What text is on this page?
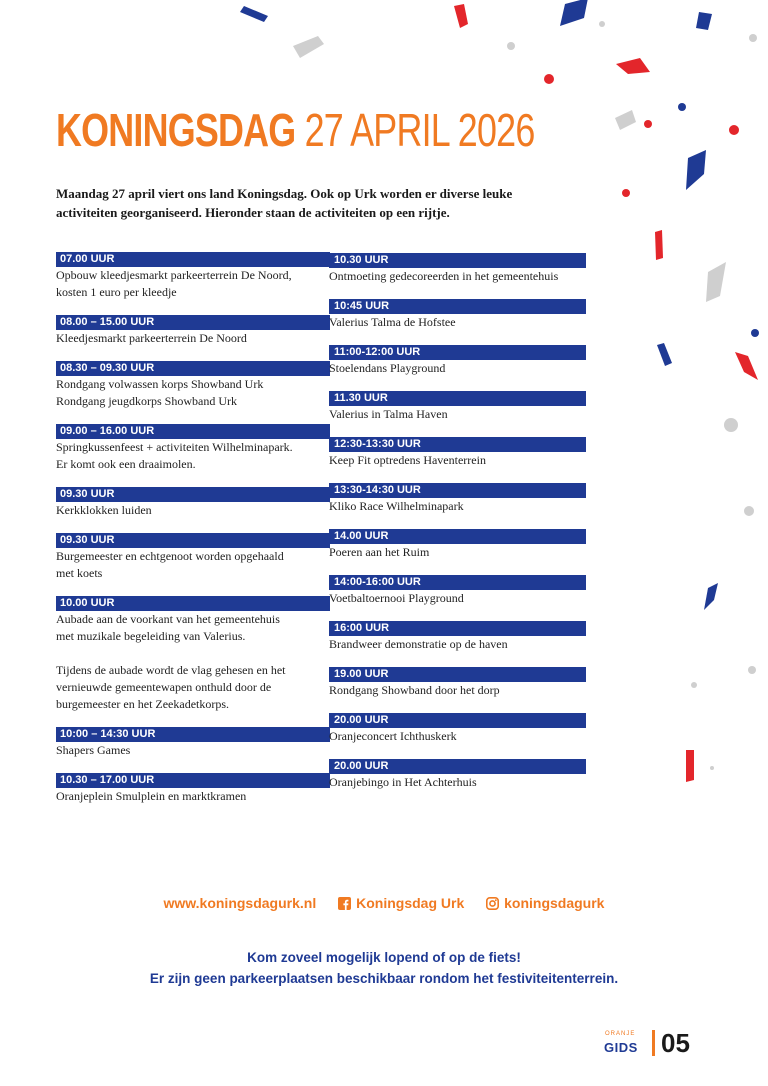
KONINGSDAG 27 APRIL 2026
Maandag 27 april viert ons land Koningsdag. Ook op Urk worden er diverse leuke
activiteiten georganiseerd. Hieronder staan de activiteiten op een rijtje.
07.00 UUR
Opbouw kleedjesmarkt parkeerterrein De Noord,
kosten 1 euro per kleedje
08.00 – 15.00 UUR
Kleedjesmarkt parkeerterrein De Noord
08.30 – 09.30 UUR
Rondgang volwassen korps Showband Urk
Rondgang jeugdkorps Showband Urk
09.00 – 16.00 UUR
Springkussenfeest + activiteiten Wilhelminapark.
Er komt ook een draaimolen.
09.30 UUR
Kerkklokken luiden
09.30 UUR
Burgemeester en echtgenoot worden opgehaald
met koets
10.00 UUR
Aubade aan de voorkant van het gemeentehuis
met muzikale begeleiding van Valerius.
Tijdens de aubade wordt de vlag gehesen en het
vernieuwde gemeentewapen onthuld door de
burgemeester en het Zeekadetkorps.
10:00 – 14:30 UUR
Shapers Games
10.30 – 17.00 UUR
Oranjeplein Smulplein en marktkramen
10.30 UUR
Ontmoeting gedecoreerden in het gemeentehuis
10:45 UUR
Valerius Talma de Hofstee
11:00-12:00 UUR
Stoelendans Playground
11.30 UUR
Valerius in Talma Haven
12:30-13:30 UUR
Keep Fit optredens Haventerrein
13:30-14:30 UUR
Kliko Race Wilhelminapark
14.00 UUR
Poeren aan het Ruim
14:00-16:00 UUR
Voetbaltoernooi Playground
16:00 UUR
Brandweer demonstratie op de haven
19.00 UUR
Rondgang Showband door het dorp
20.00 UUR
Oranjeconcert Ichthuskerk
20.00 UUR
Oranjebingo in Het Achterhuis
www.koningsdagurk.nl	Koningsdag Urk	koningsdagurk
Kom zoveel mogelijk lopend of op de fiets!
Er zijn geen parkeerplaatsen beschikbaar rondom het festiviteitenterrein.
ORANJE
GIDS 05
